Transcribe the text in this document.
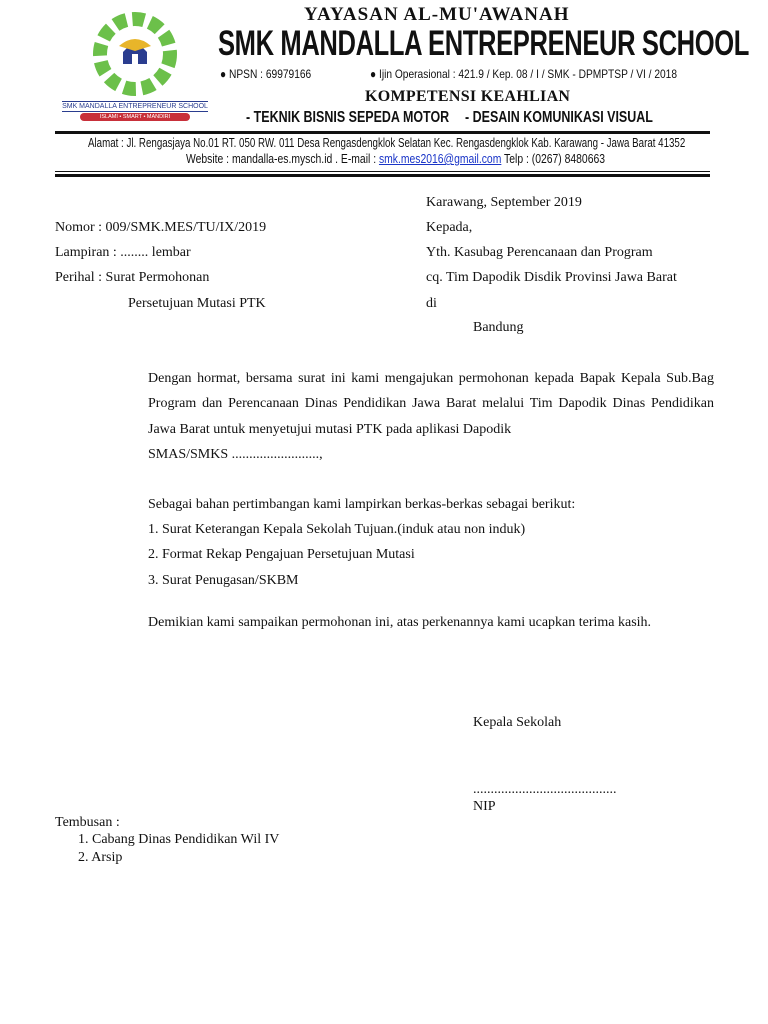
SMK MANDALLA ENTREPRENEUR SCHOOL
ISLAMI • SMART • MANDIRI
YAYASAN AL-MU'AWANAH
SMK MANDALLA ENTREPRENEUR SCHOOL
● NPSN : 69979166	● Ijin Operasional : 421.9 / Kep. 08 / I / SMK - DPMPTSP / VI / 2018
KOMPETENSI KEAHLIAN
- TEKNIK BISNIS SEPEDA MOTOR - DESAIN KOMUNIKASI VISUAL
Alamat : Jl. Rengasjaya No.01 RT. 050 RW. 011 Desa Rengasdengklok Selatan Kec. Rengasdengklok Kab. Karawang - Jawa Barat 41352
Website : mandalla-es.mysch.id . E-mail : smk.mes2016@gmail.com Telp : (0267) 8480663
Karawang, September 2019
Nomor : 009/SMK.MES/TU/IX/2019
Lampiran : ........ lembar
Perihal : Surat Permohonan
Persetujuan Mutasi PTK
Kepada,
Yth. Kasubag Perencanaan dan Program
cq. Tim Dapodik Disdik Provinsi Jawa Barat
di
Bandung
Dengan hormat, bersama surat ini kami mengajukan permohonan kepada Bapak Kepala Sub.Bag Program dan Perencanaan Dinas Pendidikan Jawa Barat melalui Tim Dapodik Dinas Pendidikan Jawa Barat untuk menyetujui mutasi PTK pada aplikasi Dapodik
SMAS/SMKS .........................,
Sebagai bahan pertimbangan kami lampirkan berkas-berkas sebagai berikut:
1. Surat Keterangan Kepala Sekolah Tujuan.(induk atau non induk)
2. Format Rekap Pengajuan Persetujuan Mutasi
3. Surat Penugasan/SKBM
Demikian kami sampaikan permohonan ini, atas perkenannya kami ucapkan terima kasih.
Kepala Sekolah
.........................................
NIP
Tembusan :
1. Cabang Dinas Pendidikan Wil IV
2. Arsip
